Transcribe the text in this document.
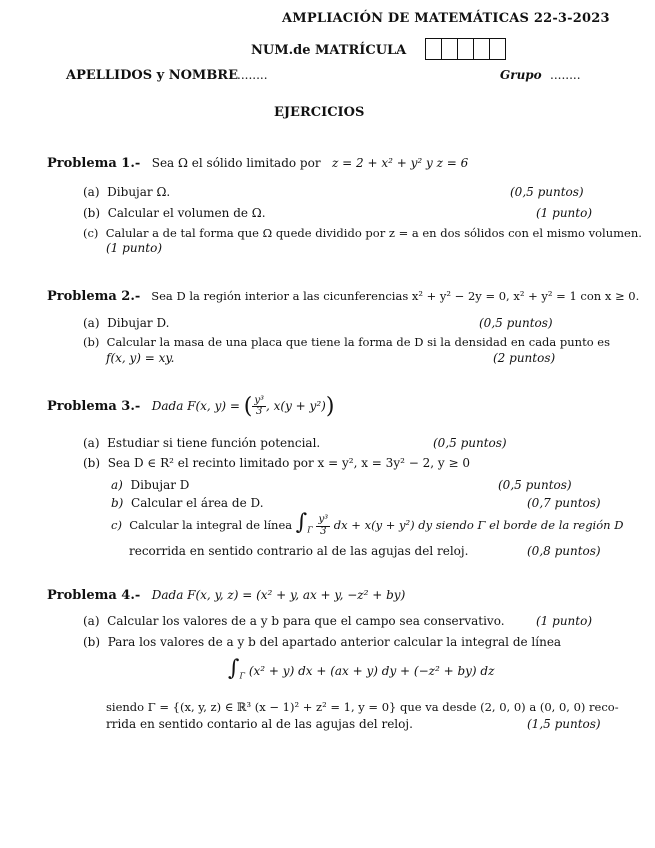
AMPLIACIÓN DE MATEMÁTICAS 22-3-2023
NUM.de MATRÍCULA
APELLIDOS y NOMBRE
........	Grupo ........
EJERCICIOS
Problema 1.- Sea Ω el sólido limitado por z = 2 + x² + y² y z = 6
(a) Dibujar Ω.	(0,5 puntos)
(b) Calcular el volumen de Ω.	(1 punto)
(c) Calular a de tal forma que Ω quede dividido por z = a en dos sólidos con el mismo volumen.
(1 punto)
Problema 2.- Sea D la región interior a las cicunferencias x² + y² − 2y = 0, x² + y² = 1 con x ≥ 0.
(a) Dibujar D.	(0,5 puntos)
(b) Calcular la masa de una placa que tiene la forma de D si la densidad en cada punto es
f(x, y) = xy.	(2 puntos)
Problema 3.- Dada F(x, y) = ( $\frac{\text{y³}}{3}$ , x(y + y²))
(a) Estudiar si tiene función potencial.	(0,5 puntos)
(b) Sea D ∈ R² el recinto limitado por x = y², x = 3y² − 2, y ≥ 0
a) Dibujar D	(0,5 puntos)
b) Calcular el área de D.	(0,7 puntos)
c) Calcular la integral de línea $\int_\Gamma \frac{\text{y³}}{3}$ dx + x(y + y²) dy siendo Γ el borde de la región D
recorrida en sentido contrario al de las agujas del reloj.	(0,8 puntos)
Problema 4.- Dada F(x, y, z) = (x² + y, ax + y, −z² + by)
(a) Calcular los valores de a y b para que el campo sea conservativo.	(1 punto)
(b) Para los valores de a y b del apartado anterior calcular la integral de línea
$\int_\Gamma$ (x² + y) dx + (ax + y) dy + (−z² + by) dz
siendo Γ = {(x, y, z) ∈ ℝ³ (x − 1)² + z² = 1, y = 0} que va desde (2, 0, 0) a (0, 0, 0) reco-
rrida en sentido contario al de las agujas del reloj.	(1,5 puntos)
